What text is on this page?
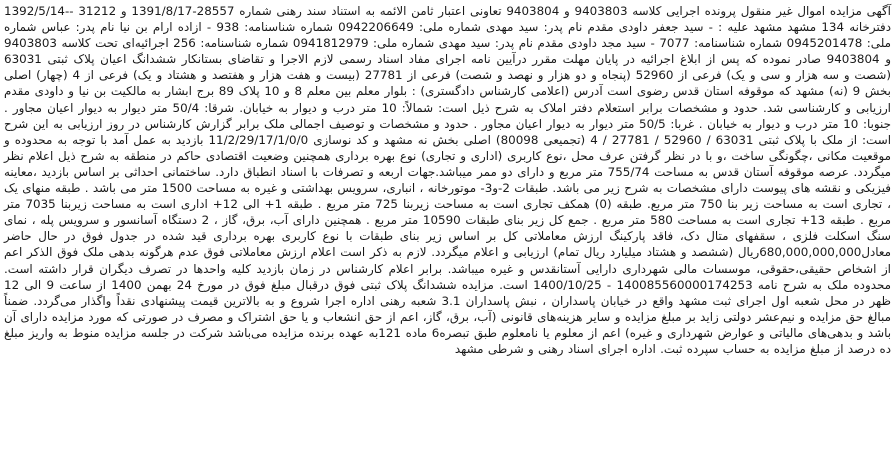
آگهی مزایده اموال غیر منقول پرونده اجرایی کلاسه 9403803 و 9403804 تعاونی اعتبار ثامن الائمه به استناد سند رهنی شماره 28557-1391/8/17 و 31212 --1392/5/14 دفترخانه 134 مشهد مشهد علیه : - سید جعفر داودی مقدم نام پدر: سید مهدی شماره ملی: 0942206649 شماره شناسنامه: 938 - ازاده ارام بن نیا نام پدر: عباس شماره ملی: 0945201478 شماره شناسنامه: 7077 - سید مجد داودی مقدم نام پدر: سید مهدی شماره ملی: 0941812979 شماره شناسنامه: 256 اجرائیه‌ای تحت کلاسه 9403803 و 9403804 صادر نموده که پس از ابلاغ اجرائیه در پایان مهلت مقرر درآیین نامه اجرای مفاد اسناد رسمی لازم الاجرا و تقاضای بستانکار ششدانگ اعیان پلاک ثبتی 63031 (شصت و سه هزار و سی و یک) فرعی از 52960 (پنجاه و دو هزار و نهصد و شصت) فرعی از 27781 (بیست و هفت هزار و هفتصد و هشتاد و یک) فرعی از 4 (چهار) اصلی بخش 9 (نه) مشهد که موقوفه استان قدس رضوی است آدرس (اعلامی کارشناس دادگستری) : بلوار معلم بین معلم 8 و 10 پلاک 89 برج ابشار به مالکیت بن نیا و داودی مقدم ارزیابی و کارشناسی شد. حدود و مشخصات برابر استعلام دفتر املاک به شرح ذیل است: شمالاً: 10 متر درب و دیوار به خیابان. شرقا: 50/4 متر دیوار به دیوار اعیان مجاور . جنوبا: 10 متر درب و دیوار به خیابان . غربا: 50/5 متر دیوار به دیوار اعیان مجاور . حدود و مشخصات و توصیف اجمالی ملک برابر گزارش کارشناس در روز ارزیابی به این شرح است: از ملک با پلاک ثبتی 63031 / 52960 / 27781 / 4 (تجمیعی 80098) اصلی بخش نه مشهد و کد نوسازی 11/2/29/17/1/0/0 بازدید به عمل آمد با توجه به محدوده و موقعیت مکانی ،چگونگی ساخت ،و با در نظر گرفتن عرف محل ،نوع کاربری (اداری و تجاری) نوع بهره برداری همچنین وضعیت اقتصادی حاکم در منطقه به شرح ذیل اعلام نظر میگردد. عرصه موقوفه آستان قدس به مساحت 755/74 متر مربع و دارای دو ممر میباشد.جهات اربعه و تصرفات با اسناد انطباق دارد. ساختمانی احداثی بر اساس بازدید ،معاینه فیزیکی و نقشه های پیوست دارای مشخصات به شرح زیر می باشد. طبقات 2-و3- موتورخانه ، انباری، سرویس بهداشتی و غیره به مساحت 1500 متر می باشد . طبقه منهای یک ، تجاری است به مساحت زیر بنا 750 متر مربع. طبقه (0) همکف تجاری است به مساحت زیربنا 725 متر مربع . طبقه 1+ الی 12+ اداری است به مساحت زیربنا 7035 متر مربع . طبقه 13+ تجاری است به مساحت 580 متر مربع . جمع کل زیر بنای طبقات 10590 متر مربع . همچنین دارای آب، برق، گاز ، 2 دستگاه آسانسور و سرویس پله ، نمای سنگ اسکلت فلزی ، سقفهای متال دک، فاقد پارکینگ ارزش معاملاتی کل بر اساس زیر بنای طبقات با نوع کاربری بهره برداری قید شده در جدول فوق در حال حاضر معادل680,000,000,000ریال (ششصد و هشتاد میلیارد ریال تمام) ارزیابی و اعلام میگردد. لازم به ذکر است اعلام ارزش معاملاتی فوق عدم هرگونه بدهی ملک فوق الذکر اعم از اشخاص حقیقی،حقوقی، موسسات مالی شهرداری دارایی آستانقدس و غیره میباشد. برابر اعلام کارشناس در زمان بازدید کلیه واحدها در تصرف دیگران قرار داشته است. محدوده ملک به شرح نامه 140085560000174253 - 1400/10/25 است. مزایده ششدانگ پلاک ثبتی فوق درقبال مبلغ فوق در مورخ 24 بهمن 1400 از ساعت 9 الی 12 ظهر در محل شعبه اول اجرای ثبت مشهد واقع در خیابان پاسداران ، نبش پاسداران 3.1 شعبه رهنی اداره اجرا شروع و به بالاترین قیمت پیشنهادی نقداً واگذار می‌گردد. ضمناً مبالغ حق مزایده و نیم‌عشر دولتی زاید بر مبلغ مزایده و سایر هزینه‌های قانونی (آب، برق، گاز، اعم از حق انشعاب و یا حق اشتراک و مصرف در صورتی که مورد مزایده دارای آن باشد و بدهی‌های مالیاتی و عوارض شهرداری و غیره) اعم از معلوم یا نامعلوم طبق تبصره6 ماده 121به عهده برنده مزایده می‌باشد شرکت در جلسه مزایده منوط به واریز مبلغ ده درصد از مبلغ مزایده به حساب سپرده ثبت. اداره اجرای اسناد رهنی و شرطی مشهد
